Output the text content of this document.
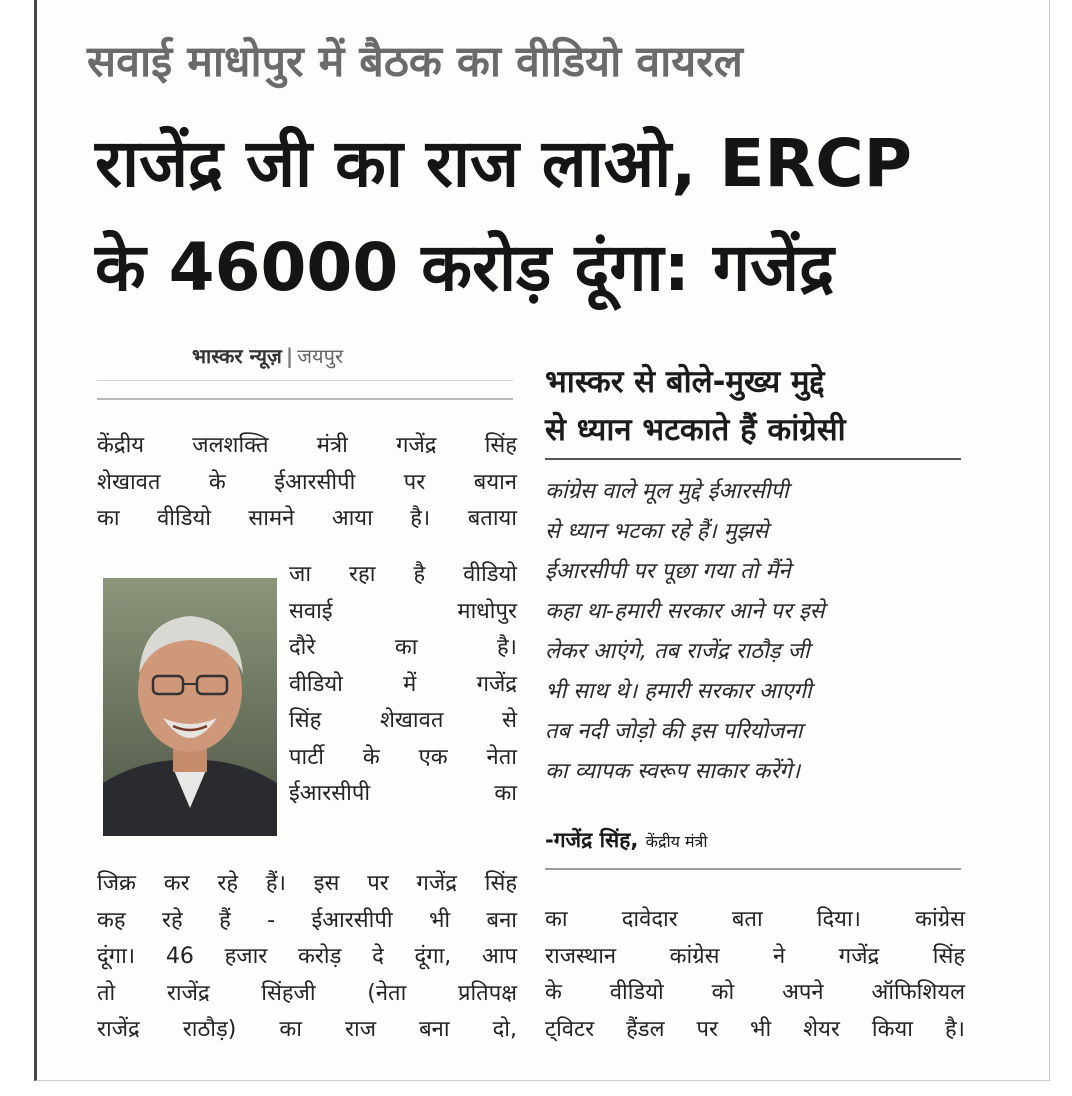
सवाई माधोपुर में बैठक का वीडियो वायरल
राजेंद्र जी का राज लाओ, ERCP
के 46000 करोड़ दूंगा: गजेंद्र
भास्कर न्यूज़ | जयपुर
केंद्रीय जलशक्ति मंत्री गजेंद्र सिंह
शेखावत के ईआरसीपी पर बयान
का वीडियो सामने आया है। बताया
जा रहा है वीडियो
सवाई माधोपुर
दौरे का है।
वीडियो में गजेंद्र
सिंह शेखावत से
पार्टी के एक नेता
ईआरसीपी का
जिक्र कर रहे हैं। इस पर गजेंद्र सिंह
कह रहे हैं - ईआरसीपी भी बना
दूंगा। 46 हजार करोड़ दे दूंगा, आप
तो राजेंद्र सिंहजी (नेता प्रतिपक्ष
राजेंद्र राठौड़) का राज बना दो,
भास्कर से बोले-मुख्य मुद्दे
से ध्यान भटकाते हैं कांग्रेसी
कांग्रेस वाले मूल मुद्दे ईआरसीपी
से ध्यान भटका रहे हैं। मुझसे
ईआरसीपी पर पूछा गया तो मैंने
कहा था-हमारी सरकार आने पर इसे
लेकर आएंगे, तब राजेंद्र राठौड़ जी
भी साथ थे। हमारी सरकार आएगी
तब नदी जोड़ो की इस परियोजना
का व्यापक स्वरूप साकार करेंगे।
-गजेंद्र सिंह, केंद्रीय मंत्री
का दावेदार बता दिया। कांग्रेस
राजस्थान कांग्रेस ने गजेंद्र सिंह
के वीडियो को अपने ऑफिशियल
ट्विटर हैंडल पर भी शेयर किया है।
